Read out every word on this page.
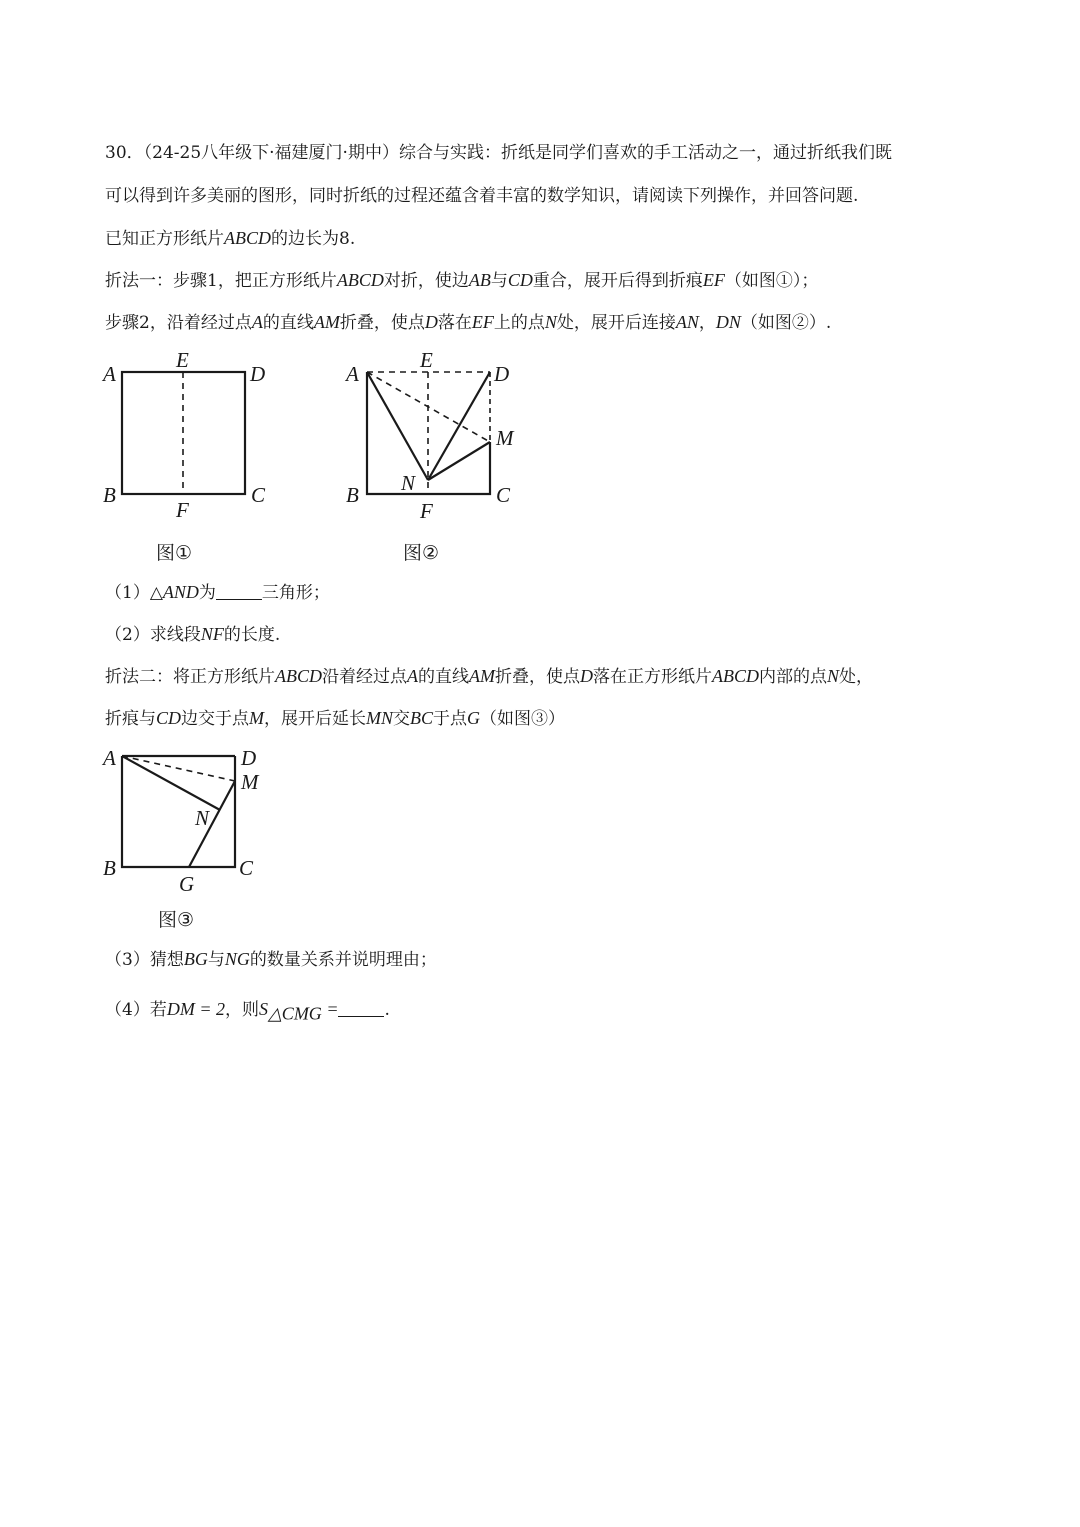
30．（24-25八年级下·福建厦门·期中）综合与实践：折纸是同学们喜欢的手工活动之一，通过折纸我们既
可以得到许多美丽的图形，同时折纸的过程还蕴含着丰富的数学知识，请阅读下列操作，并回答问题.
已知正方形纸片ABCD的边长为8.
折法一：步骤1，把正方形纸片ABCD对折，使边AB与CD重合，展开后得到折痕EF（如图①）；
步骤2，沿着经过点A的直线AM折叠，使点D落在EF上的点N处，展开后连接AN，DN（如图②）.
A	D
E
B	C
F
图①
A	D
E
M
N
B	C
F
图②
（1）△AND为	三角形；
（2）求线段NF的长度.
折法二：将正方形纸片ABCD沿着经过点A的直线AM折叠，使点D落在正方形纸片ABCD内部的点N处，
折痕与CD边交于点M，展开后延长MN交BC于点G（如图③）
A	D
M
N
B	C
G
图③
（3）猜想BG与NG的数量关系并说明理由；
（4）若DM = 2，则$S_{\triangle CMG}$ =	.
